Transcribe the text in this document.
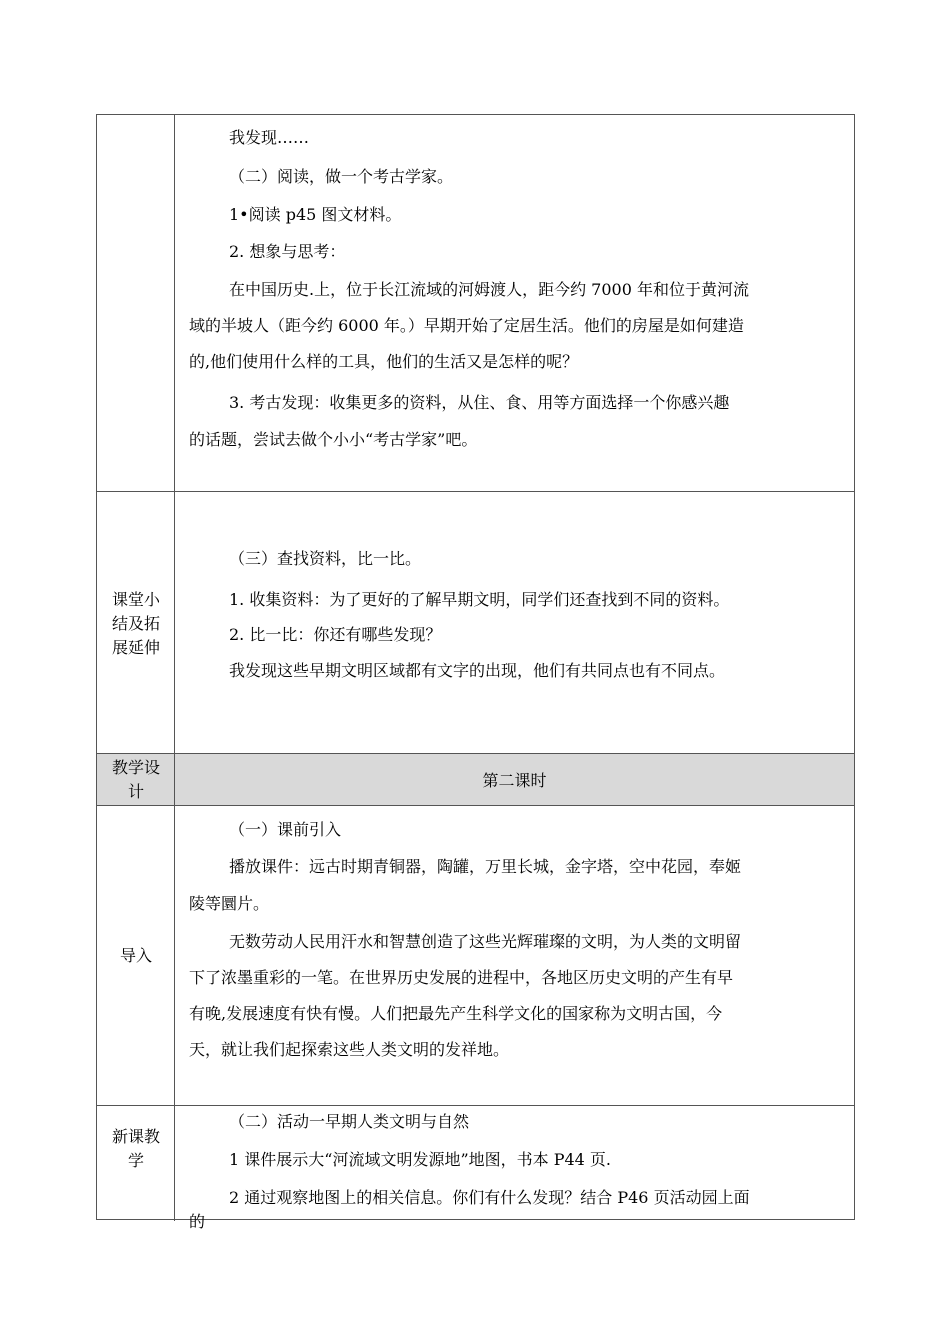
我发现……
（二）阅读，做一个考古学家。
1•阅读 p45 图文材料。
2. 想象与思考：
在中国历史.上，位于长江流域的河姆渡人，距今约 7000 年和位于黄河流
域的半坡人（距今约 6000 年。）早期开始了定居生活。他们的房屋是如何建造
的,他们使用什么样的工具，他们的生活又是怎样的呢？
3. 考古发现：收集更多的资料，从住、食、用等方面选择一个你感兴趣
的话题，尝试去做个小小“考古学家”吧。
课堂小
结及拓
展延伸
（三）查找资料，比一比。
1. 收集资料：为了更好的了解早期文明，同学们还查找到不同的资料。
2. 比一比：你还有哪些发现？
我发现这些早期文明区域都有文字的出现，他们有共同点也有不同点。
教学设
计
第二课时
导入
（一）课前引入
播放课件：远古时期青铜器，陶罐，万里长城，金字塔，空中花园，奉姬
陵等圜片。
无数劳动人民用汗水和智慧创造了这些光辉璀璨的文明，为人类的文明留
下了浓墨重彩的一笔。在世界历史发展的进程中，各地区历史文明的产生有早
有晚,发展速度有快有慢。人们把最先产生科学文化的国家称为文明古国，今
天，就让我们起探索这些人类文明的发祥地。
新课教
学
（二）活动一早期人类文明与自然
1 课件展示大“河流域文明发源地”地图，书本 P44 页.
2 通过观察地图上的相关信息。你们有什么发现？结合 P46 页活动园上面
的
